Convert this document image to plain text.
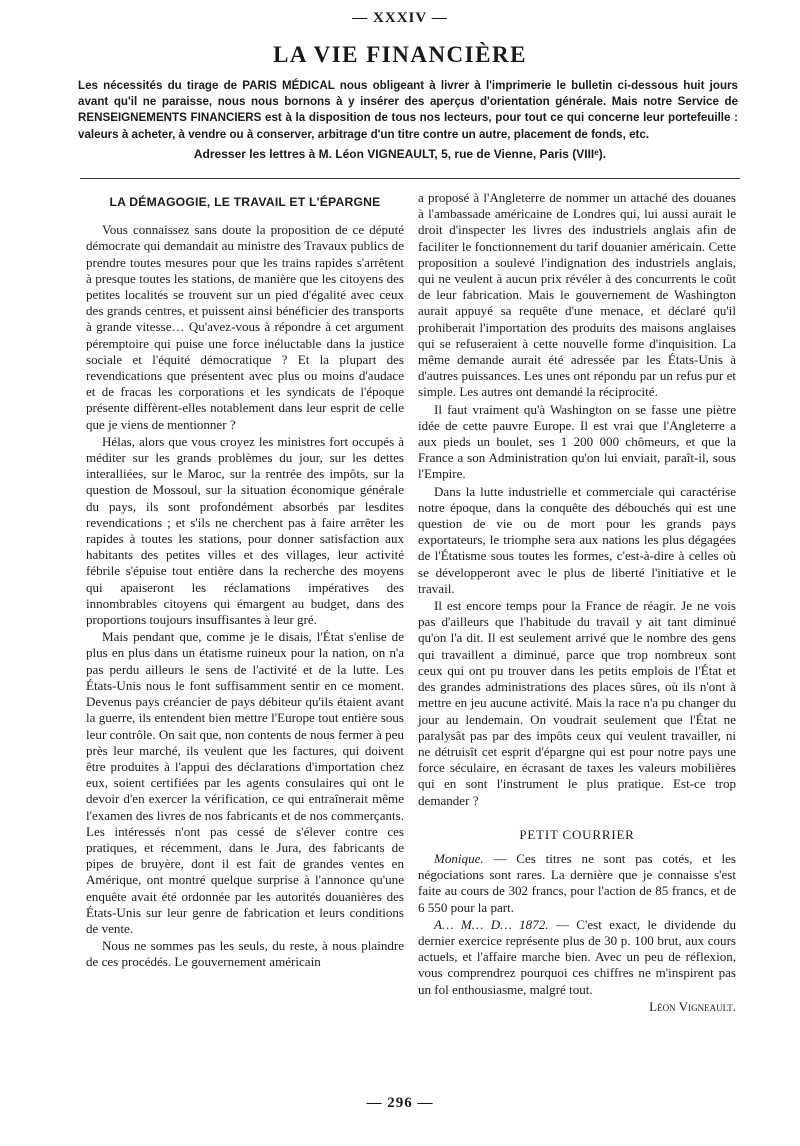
— XXXIV —
LA VIE FINANCIÈRE

Les nécessités du tirage de PARIS MÉDICAL nous obligeant à livrer à l'imprimerie le bulletin ci-dessous huit jours avant qu'il ne paraisse, nous nous bornons à y insérer des aperçus d'orientation générale. Mais notre Service de RENSEIGNEMENTS FINANCIERS est à la disposition de tous nos lecteurs, pour tout ce qui concerne leur portefeuille : valeurs à acheter, à vendre ou à conserver, arbitrage d'un titre contre un autre, placement de fonds, etc.

Adresser les lettres à M. Léon VIGNEAULT, 5, rue de Vienne, Paris (VIIIᵉ).
LA DÉMAGOGIE, LE TRAVAIL ET L'ÉPARGNE

Vous connaissez sans doute la proposition de ce député démocrate qui demandait au ministre des Travaux publics de prendre toutes mesures pour que les trains rapides s'arrêtent à presque toutes les stations, de manière que les citoyens des petites localités se trouvent sur un pied d'égalité avec ceux des grands centres, et puissent ainsi bénéficier des transports à grande vitesse… Qu'avez-vous à répondre à cet argument péremptoire qui puise une force inéluctable dans la justice sociale et l'équité démocratique ? Et la plupart des revendications que présentent avec plus ou moins d'audace et de fracas les corporations et les syndicats de l'époque présente diffèrent-elles notablement dans leur esprit de celle que je viens de mentionner ?

Hélas, alors que vous croyez les ministres fort occupés à méditer sur les grands problèmes du jour, sur les dettes interalliées, sur le Maroc, sur la rentrée des impôts, sur la question de Mossoul, sur la situation économique générale du pays, ils sont profondément absorbés par lesdites revendications ; et s'ils ne cherchent pas à faire arrêter les rapides à toutes les stations, pour donner satisfaction aux habitants des petites villes et des villages, leur activité fébrile s'épuise tout entière dans la recherche des moyens qui apaiseront les réclamations impératives des innombrables citoyens qui émargent au budget, dans des proportions toujours insuffisantes à leur gré.

Mais pendant que, comme je le disais, l'État s'enlise de plus en plus dans un étatisme ruineux pour la nation, on n'a pas perdu ailleurs le sens de l'activité et de la lutte. Les États-Unis nous le font suffisamment sentir en ce moment. Devenus pays créancier de pays débiteur qu'ils étaient avant la guerre, ils entendent bien mettre l'Europe tout entière sous leur contrôle. On sait que, non contents de nous fermer à peu près leur marché, ils veulent que les factures, qui doivent être produites à l'appui des déclarations d'importation chez eux, soient certifiées par les agents consulaires qui ont le devoir d'en exercer la vérification, ce qui entraînerait même l'examen des livres de nos fabricants et de nos commerçants. Les intéressés n'ont pas cessé de s'élever contre ces pratiques, et récemment, dans le Jura, des fabricants de pipes de bruyère, dont il est fait de grandes ventes en Amérique, ont montré quelque surprise à l'annonce qu'une enquête avait été ordonnée par les autorités douanières des États-Unis sur leur genre de fabrication et leurs conditions de vente.

Nous ne sommes pas les seuls, du reste, à nous plaindre de ces procédés. Le gouvernement américain

a proposé à l'Angleterre de nommer un attaché des douanes à l'ambassade américaine de Londres qui, lui aussi aurait le droit d'inspecter les livres des industriels anglais afin de faciliter le fonctionnement du tarif douanier américain. Cette proposition a soulevé l'indignation des industriels anglais, qui ne veulent à aucun prix révéler à des concurrents le coût de leur fabrication. Mais le gouvernement de Washington aurait appuyé sa requête d'une menace, et déclaré qu'il prohiberait l'importation des produits des maisons anglaises qui se refuseraient à cette nouvelle forme d'inquisition. La même demande aurait été adressée par les États-Unis à d'autres puissances. Les unes ont répondu par un refus pur et simple. Les autres ont demandé la réciprocité.

Il faut vraiment qu'à Washington on se fasse une piètre idée de cette pauvre Europe. Il est vrai que l'Angleterre a aux pieds un boulet, ses 1 200 000 chômeurs, et que la France a son Administration qu'on lui enviait, paraît-il, sous l'Empire.

Dans la lutte industrielle et commerciale qui caractérise notre époque, dans la conquête des débouchés qui est une question de vie ou de mort pour les grands pays exportateurs, le triomphe sera aux nations les plus dégagées de l'Étatisme sous toutes les formes, c'est-à-dire à celles où se développeront avec le plus de liberté l'initiative et le travail.

Il est encore temps pour la France de réagir. Je ne vois pas d'ailleurs que l'habitude du travail y ait tant diminué qu'on l'a dit. Il est seulement arrivé que le nombre des gens qui travaillent a diminué, parce que trop nombreux sont ceux qui ont pu trouver dans les petits emplois de l'État et des grandes administrations des places sûres, où ils n'ont à mettre en jeu aucune activité. Mais la race n'a pu changer du jour au lendemain. On voudrait seulement que l'État ne paralysât pas par des impôts ceux qui veulent travailler, ni ne détruisît cet esprit d'épargne qui est pour notre pays une force séculaire, en écrasant de taxes les valeurs mobilières qui en sont l'instrument le plus pratique. Est-ce trop demander ?

PETIT COURRIER

Monique. — Ces titres ne sont pas cotés, et les négociations sont rares. La dernière que je connaisse s'est faite au cours de 302 francs, pour l'action de 85 francs, et de 6 550 pour la part.

A… M… D… 1872. — C'est exact, le dividende du dernier exercice représente plus de 30 p. 100 brut, aux cours actuels, et l'affaire marche bien. Avec un peu de réflexion, vous comprendrez pourquoi ces chiffres ne m'inspirent pas un fol enthousiasme, malgré tout.

Léon Vigneault.
— 296 —
